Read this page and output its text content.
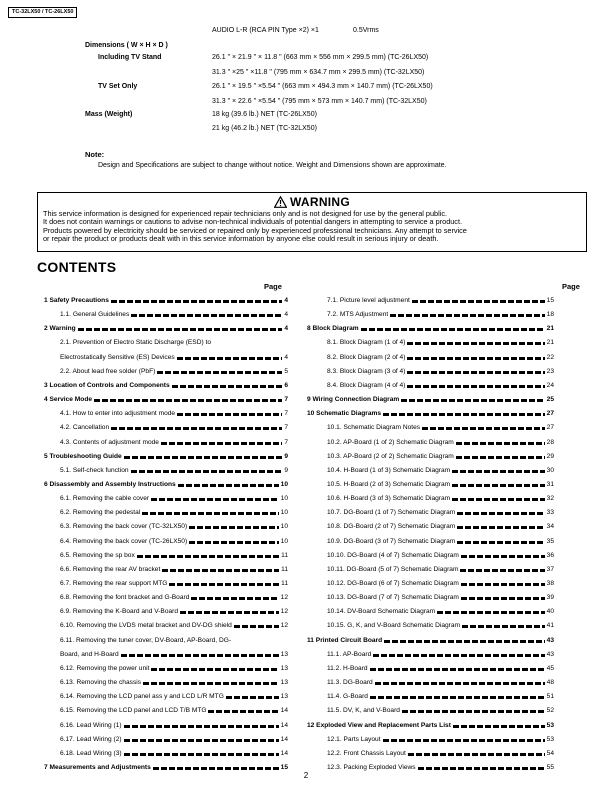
TC-32LX50 / TC-26LX50
AUDIO L-R (RCA PIN Type ×2) ×1	0.5Vrms
Dimensions ( W × H × D )
Including TV Stand	26.1 " × 21.9 " × 11.8 " (663 mm × 556 mm × 299.5 mm) (TC-26LX50)
31.3 " ×25 " ×11.8 " (795 mm × 634.7 mm × 299.5 mm) (TC-32LX50)
TV Set Only	26.1 " × 19.5 " ×5.54 " (663 mm × 494.3 mm × 140.7 mm) (TC-26LX50)
31.3 " × 22.6 " ×5.54 " (795 mm × 573 mm × 140.7 mm) (TC-32LX50)
Mass (Weight)	18 kg (39.6 lb.) NET (TC-26LX50)
21 kg (46.2 lb.) NET (TC-32LX50)
Note:
Design and Specifications are subject to change without notice. Weight and Dimensions shown are approximate.
WARNING
This service information is designed for experienced repair technicians only and is not designed for use by the general public.
It does not contain warnings or cautions to advise non-technical individuals of potential dangers in attempting to service a product.
Products powered by electricity should be serviced or repaired only by experienced professional technicians. Any attempt to service
or repair the product or products dealt with in this service information by anyone else could result in serious injury or death.
CONTENTS
Page	Page
1 Safety Precautions	4
1.1. General Guidelines	4
2 Warning	4
2.1. Prevention of Electro Static Discharge (ESD) to
Electrostatically Sensitive (ES) Devices	4
2.2. About lead free solder (PbF)	5
3 Location of Controls and Components	6
4 Service Mode	7
4.1. How to enter into adjustment mode	7
4.2. Cancellation	7
4.3. Contents of adjustment mode	7
5 Troubleshooting Guide	9
5.1. Self-check function	9
6 Disassembly and Assembly Instructions	10
6.1. Removing the cable cover	10
6.2. Removing the pedestal	10
6.3. Removing the back cover (TC-32LX50)	10
6.4. Removing the back cover (TC-26LX50)	10
6.5. Removing the sp box	11
6.6. Removing the rear AV bracket	11
6.7. Removing the rear support MTG	11
6.8. Removing the font bracket and G-Board	12
6.9. Removing the K-Board and V-Board	12
6.10. Removing the LVDS metal bracket and DV-DG shield	12
6.11. Removing the tuner cover, DV-Board, AP-Board, DG-
Board, and H-Board	13
6.12. Removing the power unit	13
6.13. Removing the chassis	13
6.14. Removing the LCD panel ass y and LCD L/R MTG	13
6.15. Removing the LCD panel and LCD T/B MTG	14
6.16. Lead Wiring (1)	14
6.17. Lead Wiring (2)	14
6.18. Lead Wiring (3)	14
7 Measurements and Adjustments	15
7.1. Picture level adjustment	15
7.2. MTS Adjustment	18
8 Block Diagram	21
8.1. Block Diagram (1 of 4)	21
8.2. Block Diagram (2 of 4)	22
8.3. Block Diagram (3 of 4)	23
8.4. Block Diagram (4 of 4)	24
9 Wiring Connection Diagram	25
10 Schematic Diagrams	27
10.1. Schematic Diagram Notes	27
10.2. AP-Board (1 of 2) Schematic Diagram	28
10.3. AP-Board (2 of 2) Schematic Diagram	29
10.4. H-Board (1 of 3) Schematic Diagram	30
10.5. H-Board (2 of 3) Schematic Diagram	31
10.6. H-Board (3 of 3) Schematic Diagram	32
10.7. DG-Board (1 of 7) Schematic Diagram	33
10.8. DG-Board (2 of 7) Schematic Diagram	34
10.9. DG-Board (3 of 7) Schematic Diagram	35
10.10. DG-Board (4 of 7) Schematic Diagram	36
10.11. DG-Board (5 of 7) Schematic Diagram	37
10.12. DG-Board (6 of 7) Schematic Diagram	38
10.13. DG-Board (7 of 7) Schematic Diagram	39
10.14. DV-Board Schematic Diagram	40
10.15. G, K, and V-Board Schematic Diagram	41
11 Printed Circuit Board	43
11.1. AP-Board	43
11.2. H-Board	45
11.3. DG-Board	48
11.4. G-Board	51
11.5. DV, K, and V-Board	52
12 Exploded View and Replacement Parts List	53
12.1. Parts Layout	53
12.2. Front Chassis Layout	54
12.3. Packing Exploded Views	55
2
